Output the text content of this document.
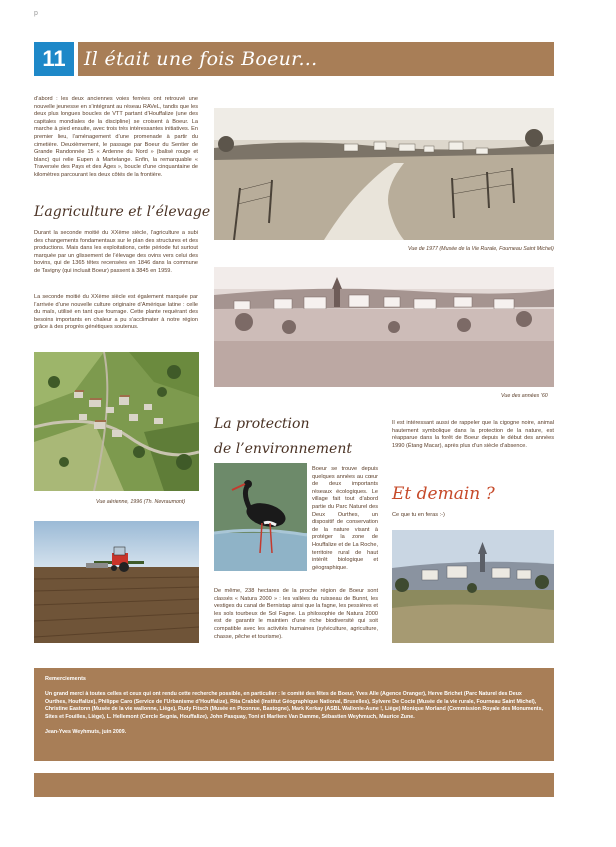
p
11 Il était une fois Boeur...
d’abord : les deux anciennes voies ferrées ont retrouvé une nouvelle jeunesse en s’intégrant au réseau RAVeL, tandis que les deux plus longues boucles de VTT partant d’Houffalize (une des capitales mondiales de la discipline) se croisent à Boeur. La marche à pied ensuite, avec trois très intéressantes initiatives. En premier lieu, l’aménagement d’une promenade à partir du cimetière. Deuxièmement, le passage par Boeur du Sentier de Grande Randonnée 15 « Ardenne du Nord » (balisé rouge et blanc) qui relie Eupen à Martelange. Enfin, la remarquable « Traversée des Pays et des Âges », boucle d’une cinquantaine de kilomètres parcourant les deux côtés de la frontière.
L’agriculture et l’élevage
Durant la seconde moitié du XXème siècle, l’agriculture a subi des changements fondamentaux sur le plan des structures et des productions. Mais dans les exploitations, cette période fut surtout marquée par un glissement de l’élevage des ovins vers celui des bovins, qui de 1365 têtes recensées en 1846 dans la commune de Tavigny (qui incluait Boeur) passent à 3845 en 1959.
La seconde moitié du XXème siècle est également marquée par l’arrivée d’une nouvelle culture originaire d’Amérique latine : celle du maïs, utilisé en tant que fourrage. Cette plante requérant des besoins importants en chaleur a pu s’acclimater à notre région grâce à des progrès génétiques soutenus.
Vue aérienne, 1996 (Th. Nevraumont)
Vue de 1977 (Musée de la Vie Rurale, Fourneau Saint Michel)
Vue des années ’60
La protection
de l’environnement
Boeur se trouve depuis quelques années au cœur de deux importants réseaux écologiques. Le village fait tout d’abord partie du Parc Naturel des Deux Ourthes, un dispositif de conservation de la nature visant à protéger la zone de Houffalize et de La Roche, territoire rural de haut intérêt biologique et géographique.
De même, 238 hectares de la proche région de Boeur sont classés « Natura 2000 » : les vallées du ruisseau de Bunnt, les vestiges du canal de Bernistap ainsi que la fagne, les pessières et les sols tourbeux de Sol Fagne. La philosophie de Natura 2000 est de garantir le maintien d’une riche biodiversité qui soit compatible avec les activités humaines (sylviculture, agriculture, chasse, pêche et tourisme).
Il est intéressant aussi de rappeler que la cigogne noire, animal hautement symbolique dans la protection de la nature, est réapparue dans la forêt de Boeur depuis le début des années 1990 (Étang Macar), après plus d’un siècle d’absence.
Et demain ?
Ce que tu en feras :-)
Remerciements
Un grand merci à toutes celles et ceux qui ont rendu cette recherche possible, en particulier : le comité des fêtes de Boeur, Yves Alle (Agence Oranger), Herve Brichet (Parc Naturel des Deux Ourthes, Houffalize), Philippe Caro (Service de l’Urbanisme d’Houffalize), Rita Crabbé (Institut Géographique National, Bruxelles), Sylvere De Cocte (Musée de la vie rurale, Fourneau Saint Michel), Christine Eastonn (Musée de la vie wallonne, Liège), Rudy Fitsch (Musée en Piconrue, Bastogne), Mark Kerkay (ASBL Wallonie-Aune !, Liège) Monique Morland (Commission Royale des Monuments, Sites et Fouilles, Liège), L. Hellemont (Cercle Segnia, Houffalize), John Pasquay, Toni et Marliere Van Damme, Sébastien Weyhmuch, Maurice Zune.
Jean-Yves Weyhmuts, juin 2009.
